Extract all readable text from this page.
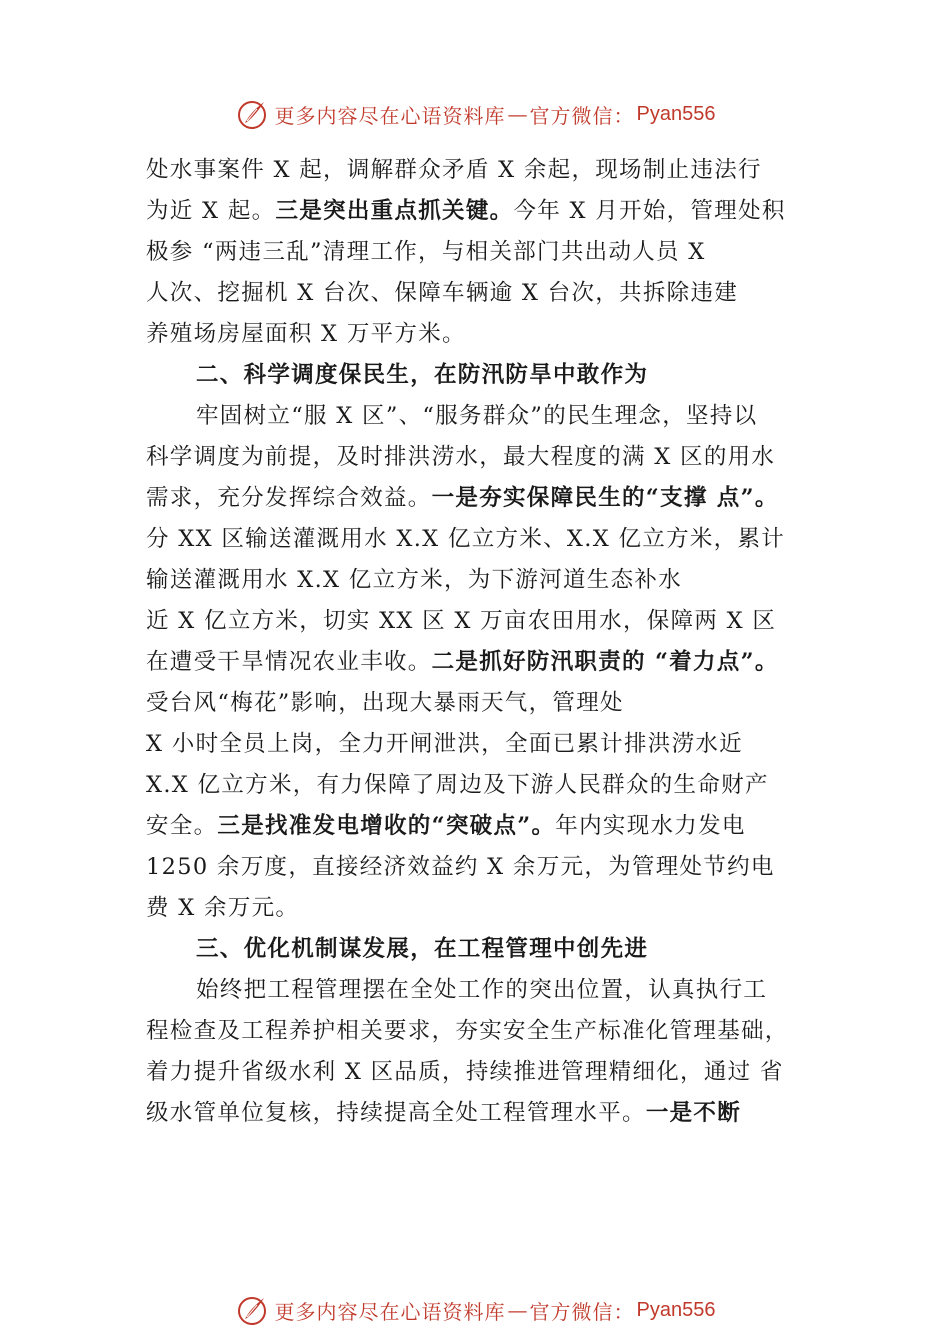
更多内容尽在心语资料库 — 官方微信： Pyan556
处水事案件 X 起，调解群众矛盾 X 余起，现场制止违法行
为近 X 起。三是突出重点抓关键。今年 X 月开始，管理处积
极参 “两违三乱”清理工作，与相关部门共出动人员 X
人次、挖掘机 X 台次、保障车辆逾 X 台次，共拆除违建
养殖场房屋面积 X 万平方米。
二、科学调度保民生，在防汛防旱中敢作为
牢固树立“服 X 区”、“服务群众”的民生理念，坚持以
科学调度为前提，及时排洪涝水，最大程度的满 X 区的用水
需求，充分发挥综合效益。一是夯实保障民生的“支撑 点”。
分 XX 区输送灌溉用水 X.X 亿立方米、X.X 亿立方米，累计
输送灌溉用水 X.X 亿立方米，为下游河道生态补水
近 X 亿立方米，切实 XX 区 X 万亩农田用水，保障两 X 区
在遭受干旱情况农业丰收。二是抓好防汛职责的 “着力点”。
受台风“梅花”影响，出现大暴雨天气，管理处
X 小时全员上岗，全力开闸泄洪，全面已累计排洪涝水近
X.X 亿立方米，有力保障了周边及下游人民群众的生命财产
安全。三是找准发电增收的“突破点”。年内实现水力发电
1250 余万度，直接经济效益约 X 余万元，为管理处节约电
费 X 余万元。
三、优化机制谋发展，在工程管理中创先进
始终把工程管理摆在全处工作的突出位置，认真执行工
程检查及工程养护相关要求，夯实安全生产标准化管理基础，
着力提升省级水利 X 区品质，持续推进管理精细化，通过 省
级水管单位复核，持续提高全处工程管理水平。一是不断
更多内容尽在心语资料库 — 官方微信： Pyan556
